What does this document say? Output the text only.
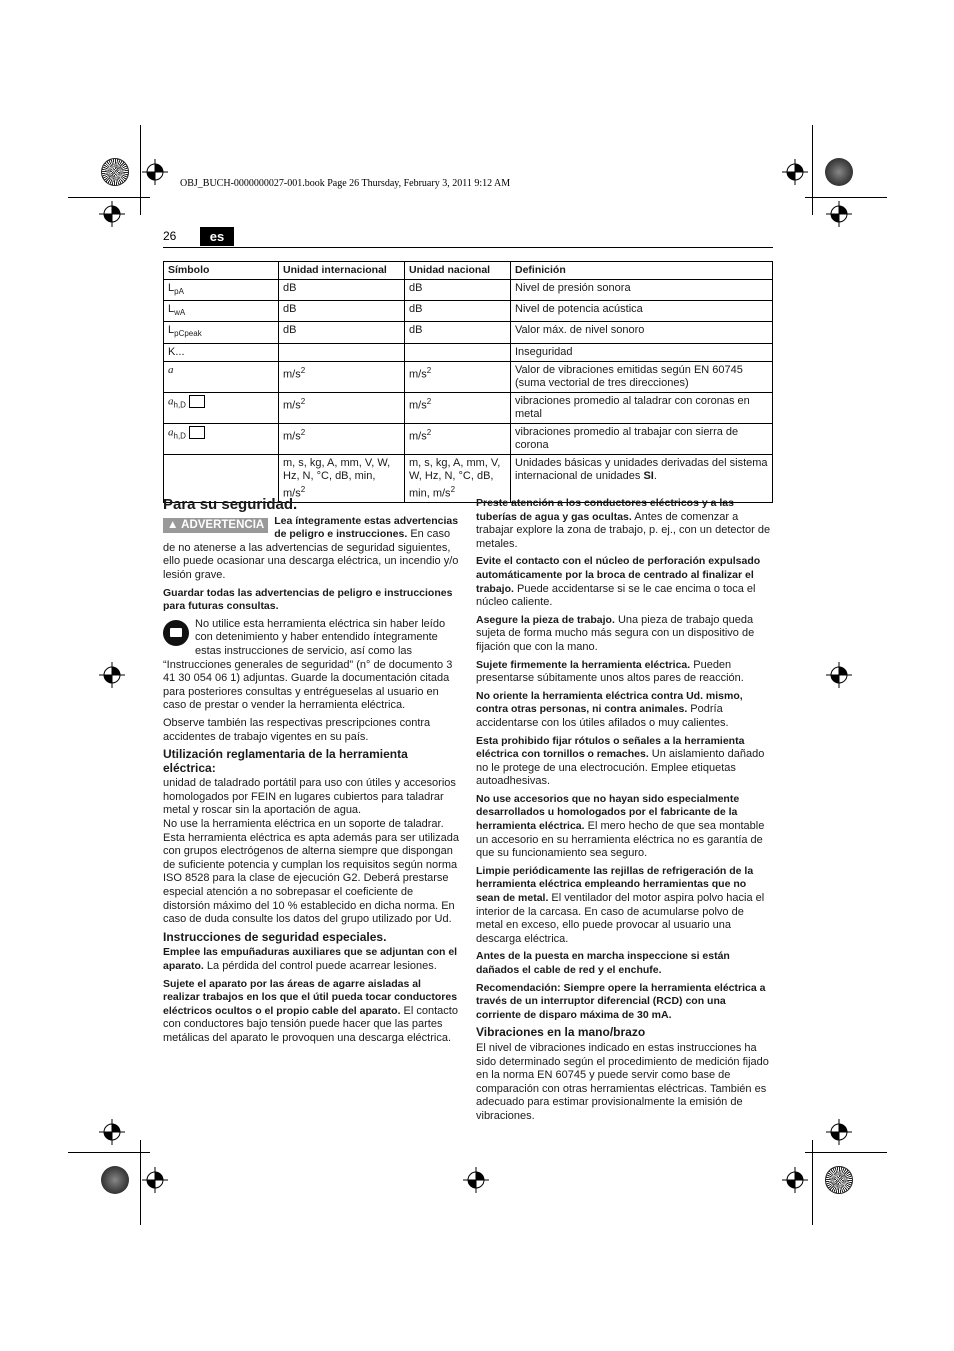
OBJ_BUCH-0000000027-001.book Page 26 Thursday, February 3, 2011 9:12 AM
26	es
Símbolo	Unidad internacional	Unidad nacional	Definición
$L_{pA}$	dB	dB	Nivel de presión sonora
$L_{wA}$	dB	dB	Nivel de potencia acústica
$L_{pCpeak}$	dB	dB	Valor máx. de nivel sonoro
K...			Inseguridad
a	$m/s^2$	$m/s^2$	Valor de vibraciones emitidas según EN 60745 (suma vectorial de tres direcciones)
$a_{h,D}$	$m/s^2$	$m/s^2$	vibraciones promedio al taladrar con coronas en metal
$a_{h,D}$	$m/s^2$	$m/s^2$	vibraciones promedio al trabajar con sierra de corona
	m, s, kg, A, mm, V, W, Hz, N, °C, dB, min, $m/s^2$	m, s, kg, A, mm, V, W, Hz, N, °C, dB, min, $m/s^2$	Unidades básicas y unidades derivadas del sistema internacional de unidades SI.
Para su seguridad.

▲ ADVERTENCIA Lea íntegramente estas advertencias de peligro e instrucciones. En caso de no atenerse a las advertencias de seguridad siguientes, ello puede ocasionar una descarga eléctrica, un incendio y/o lesión grave.

Guardar todas las advertencias de peligro e instrucciones para futuras consultas.

No utilice esta herramienta eléctrica sin haber leído con detenimiento y haber entendido íntegramente estas instrucciones de servicio, así como las “Instrucciones generales de seguridad” (n° de documento 3 41 30 054 06 1) adjuntas. Guarde la documentación citada para posteriores consultas y entrégueselas al usuario en caso de prestar o vender la herramienta eléctrica.

Observe también las respectivas prescripciones contra accidentes de trabajo vigentes en su país.

Utilización reglamentaria de la herramienta eléctrica:

unidad de taladrado portátil para uso con útiles y accesorios homologados por FEIN en lugares cubiertos para taladrar metal y roscar sin la aportación de agua.

No use la herramienta eléctrica en un soporte de taladrar.

Esta herramienta eléctrica es apta además para ser utilizada con grupos electrógenos de alterna siempre que dispongan de suficiente potencia y cumplan los requisitos según norma ISO 8528 para la clase de ejecución G2. Deberá prestarse especial atención a no sobrepasar el coeficiente de distorsión máximo del 10 % establecido en dicha norma. En caso de duda consulte los datos del grupo utilizado por Ud.

Instrucciones de seguridad especiales.

Emplee las empuñaduras auxiliares que se adjuntan con el aparato. La pérdida del control puede acarrear lesiones.

Sujete el aparato por las áreas de agarre aisladas al realizar trabajos en los que el útil pueda tocar conductores eléctricos ocultos o el propio cable del aparato. El contacto con conductores bajo tensión puede hacer que las partes metálicas del aparato le provoquen una descarga eléctrica.

Preste atención a los conductores eléctricos y a las tuberías de agua y gas ocultas. Antes de comenzar a trabajar explore la zona de trabajo, p. ej., con un detector de metales.

Evite el contacto con el núcleo de perforación expulsado automáticamente por la broca de centrado al finalizar el trabajo. Puede accidentarse si se le cae encima o toca el núcleo caliente.

Asegure la pieza de trabajo. Una pieza de trabajo queda sujeta de forma mucho más segura con un dispositivo de fijación que con la mano.

Sujete firmemente la herramienta eléctrica. Pueden presentarse súbitamente unos altos pares de reacción.

No oriente la herramienta eléctrica contra Ud. mismo, contra otras personas, ni contra animales. Podría accidentarse con los útiles afilados o muy calientes.

Esta prohibido fijar rótulos o señales a la herramienta eléctrica con tornillos o remaches. Un aislamiento dañado no le protege de una electrocución. Emplee etiquetas autoadhesivas.

No use accesorios que no hayan sido especialmente desarrollados u homologados por el fabricante de la herramienta eléctrica. El mero hecho de que sea montable un accesorio en su herramienta eléctrica no es garantía de que su funcionamiento sea seguro.

Limpie periódicamente las rejillas de refrigeración de la herramienta eléctrica empleando herramientas que no sean de metal. El ventilador del motor aspira polvo hacia el interior de la carcasa. En caso de acumularse polvo de metal en exceso, ello puede provocar al usuario una descarga eléctrica.

Antes de la puesta en marcha inspeccione si están dañados el cable de red y el enchufe.

Recomendación: Siempre opere la herramienta eléctrica a través de un interruptor diferencial (RCD) con una corriente de disparo máxima de 30 mA.

Vibraciones en la mano/brazo

El nivel de vibraciones indicado en estas instrucciones ha sido determinado según el procedimiento de medición fijado en la norma EN 60745 y puede servir como base de comparación con otras herramientas eléctricas. También es adecuado para estimar provisionalmente la emisión de vibraciones.
